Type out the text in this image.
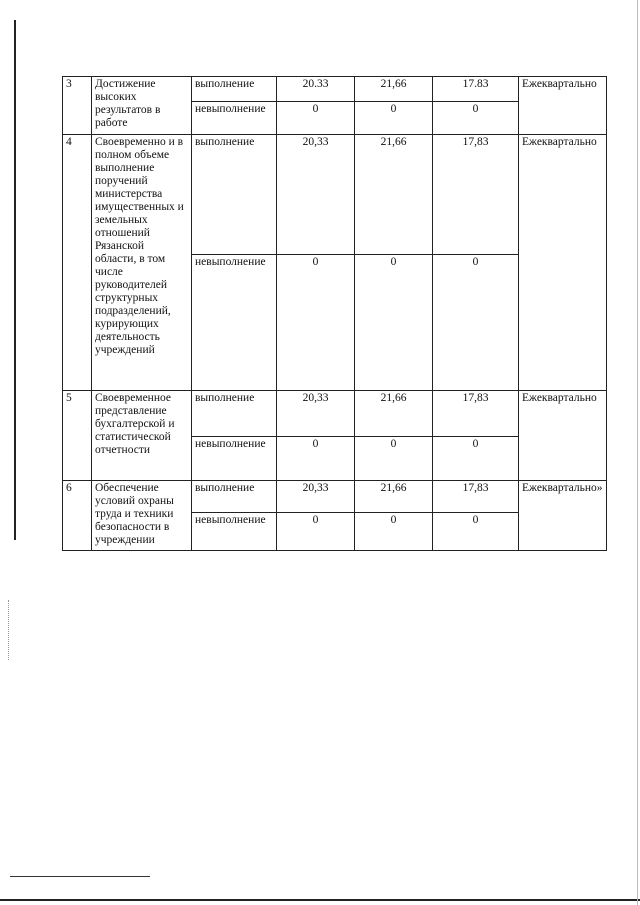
3	Достижение высоких результатов в работе	выполнение	20.33	21,66	17.83	Ежеквартально
		невыполнение	0	0	0	
4	Своевременно и в полном объеме выполнение поручений министерства имущественных и земельных отношений Рязанской области, в том числе руководителей структурных подразделений, курирующих деятельность учреждений	выполнение	20,33	21,66	17,83	Ежеквартально
		невыполнение	0	0	0	
5	Своевременное представление бухгалтерской и статистической отчетности	выполнение	20,33	21,66	17,83	Ежеквартально
		невыполнение	0	0	0	
6	Обеспечение условий охраны труда и техники безопасности в учреждении	выполнение	20,33	21,66	17,83	Ежеквартально»
		невыполнение	0	0	0	
